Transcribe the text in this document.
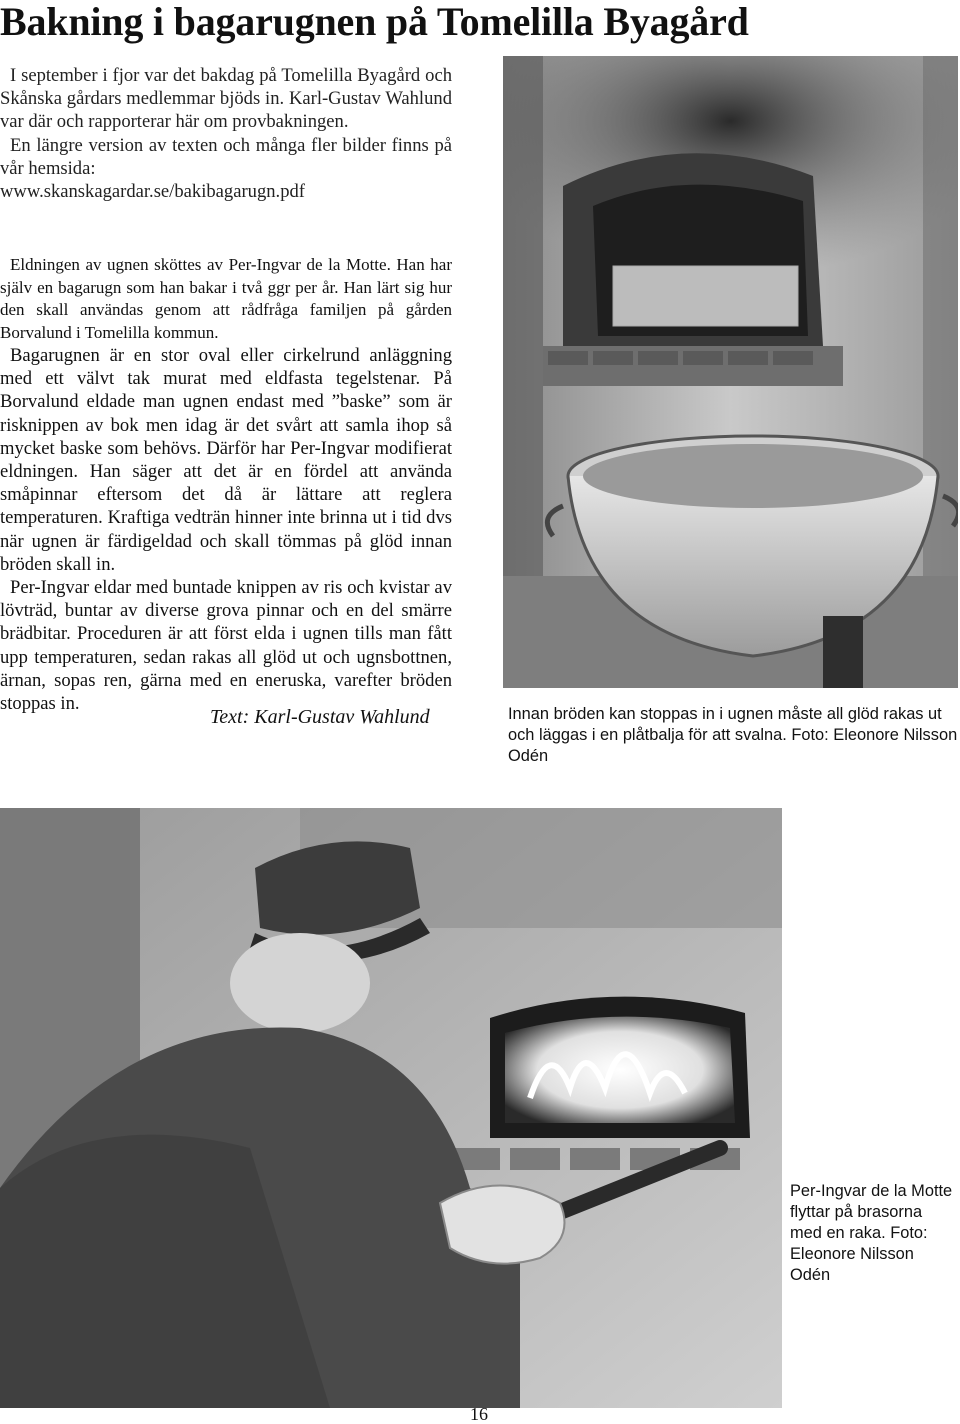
Bakning i bagarugnen på Tomelilla Byagård

I september i fjor var det bakdag på Tomelilla Byagård och Skånska gårdars medlemmar bjöds in. Karl-Gustav Wahlund var där och rapporterar här om provbakningen.

En längre version av texten och många fler bilder finns på vår hemsida:

www.skanskagardar.se/bakibagarugn.pdf

Eldningen av ugnen sköttes av Per-Ingvar de la Motte. Han har själv en bagarugn som han bakar i två ggr per år. Han lärt sig hur den skall användas genom att rådfråga familjen på gården Borvalund i Tomelilla kommun.

Bagarugnen är en stor oval eller cirkelrund anläggning med ett välvt tak murat med eldfasta tegelstenar. På Borvalund eldade man ugnen endast med ”baske” som är risknippen av bok men idag är det svårt att samla ihop så mycket baske som behövs. Därför har Per-Ingvar modifierat eldningen. Han säger att det är en fördel att använda småpinnar eftersom det då är lättare att reglera temperaturen. Kraftiga vedträn hinner inte brinna ut i tid dvs när ugnen är färdigeldad och skall tömmas på glöd innan bröden skall in.

Per-Ingvar eldar med buntade knippen av ris och kvistar av lövträd, buntar av diverse grova pinnar och en del smärre brädbitar. Proceduren är att först elda i ugnen tills man fått upp temperaturen, sedan rakas all glöd ut och ugnsbottnen, ärnan, sopas ren, gärna med en eneruska, varefter bröden stoppas in.

Text: Karl-Gustav Wahlund	Innan bröden kan stoppas in i ugnen måste all glöd rakas ut och läggas i en plåtbalja för att svalna. Foto: Eleonore Nilsson Odén
Per-Ingvar de la Motte flyttar på brasorna med en raka. Foto: Eleonore Nilsson Odén
16
